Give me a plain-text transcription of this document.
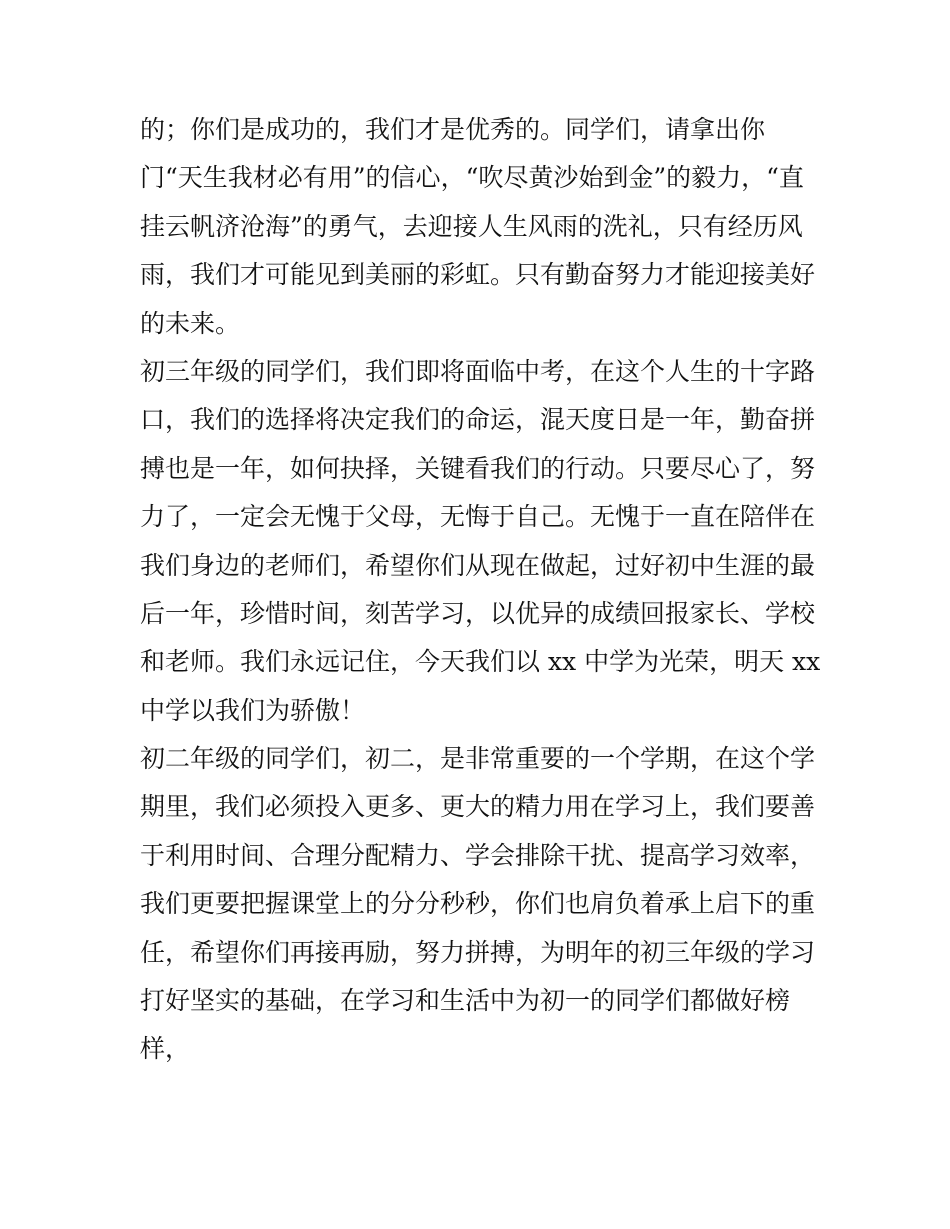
的；你们是成功的，我们才是优秀的。同学们，请拿出你
门“天生我材必有用”的信心，“吹尽黄沙始到金”的毅力，“直
挂云帆济沧海”的勇气，去迎接人生风雨的洗礼，只有经历风
雨，我们才可能见到美丽的彩虹。只有勤奋努力才能迎接美好
的未来。
初三年级的同学们，我们即将面临中考，在这个人生的十字路
口，我们的选择将决定我们的命运，混天度日是一年，勤奋拼
搏也是一年，如何抉择，关键看我们的行动。只要尽心了，努
力了，一定会无愧于父母，无悔于自己。无愧于一直在陪伴在
我们身边的老师们，希望你们从现在做起，过好初中生涯的最
后一年，珍惜时间，刻苦学习，以优异的成绩回报家长、学校
和老师。我们永远记住，今天我们以 xx 中学为光荣，明天 xx
中学以我们为骄傲！
初二年级的同学们，初二，是非常重要的一个学期，在这个学
期里，我们必须投入更多、更大的精力用在学习上，我们要善
于利用时间、合理分配精力、学会排除干扰、提高学习效率，
我们更要把握课堂上的分分秒秒，你们也肩负着承上启下的重
任，希望你们再接再励，努力拼搏，为明年的初三年级的学习
打好坚实的基础，在学习和生活中为初一的同学们都做好榜
样，
